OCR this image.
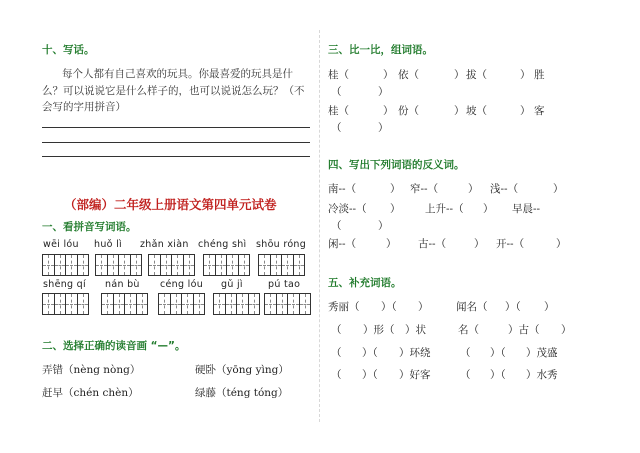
十、写话。
每个人都有自己喜欢的玩具。你最喜爱的玩具是什
么？可以说说它是什么样子的，也可以说说怎么玩？（不
会写的字用拼音）
（部编）二年级上册语文第四单元试卷
一、看拼音写词语。
wēi lóu huǒ lì zhǎn xiàn chéng shì shōu róng
shēng qí nán bù céng lóu gǔ jì	pú tao
二、选择正确的读音画 “—”。
弄错（nèng nòng）	硬卧（yōng yìng）
赶早（chén chèn）	绿藤（téng tóng）
三、比一比，组词语。
桂（	） 依（	） 拔（	） 胜
（	）
桂（	） 份（	） 坡（	） 客
（	）
四、写出下列词语的反义词。
南--（	） 窄--（	） 浅--（	）
冷淡--（ ） 上升--（ ） 早晨--
（	）
闲--（	） 古--（	） 开--（	）
五、补充词语。
秀丽（ ）（ ）	闻名（ ）（ ）
（ ）形（ ）状	名（	）古（ ）
（ ）（ ）环绕	（ ）（ ）茂盛
（ ）（ ）好客	（ ）（ ）水秀
